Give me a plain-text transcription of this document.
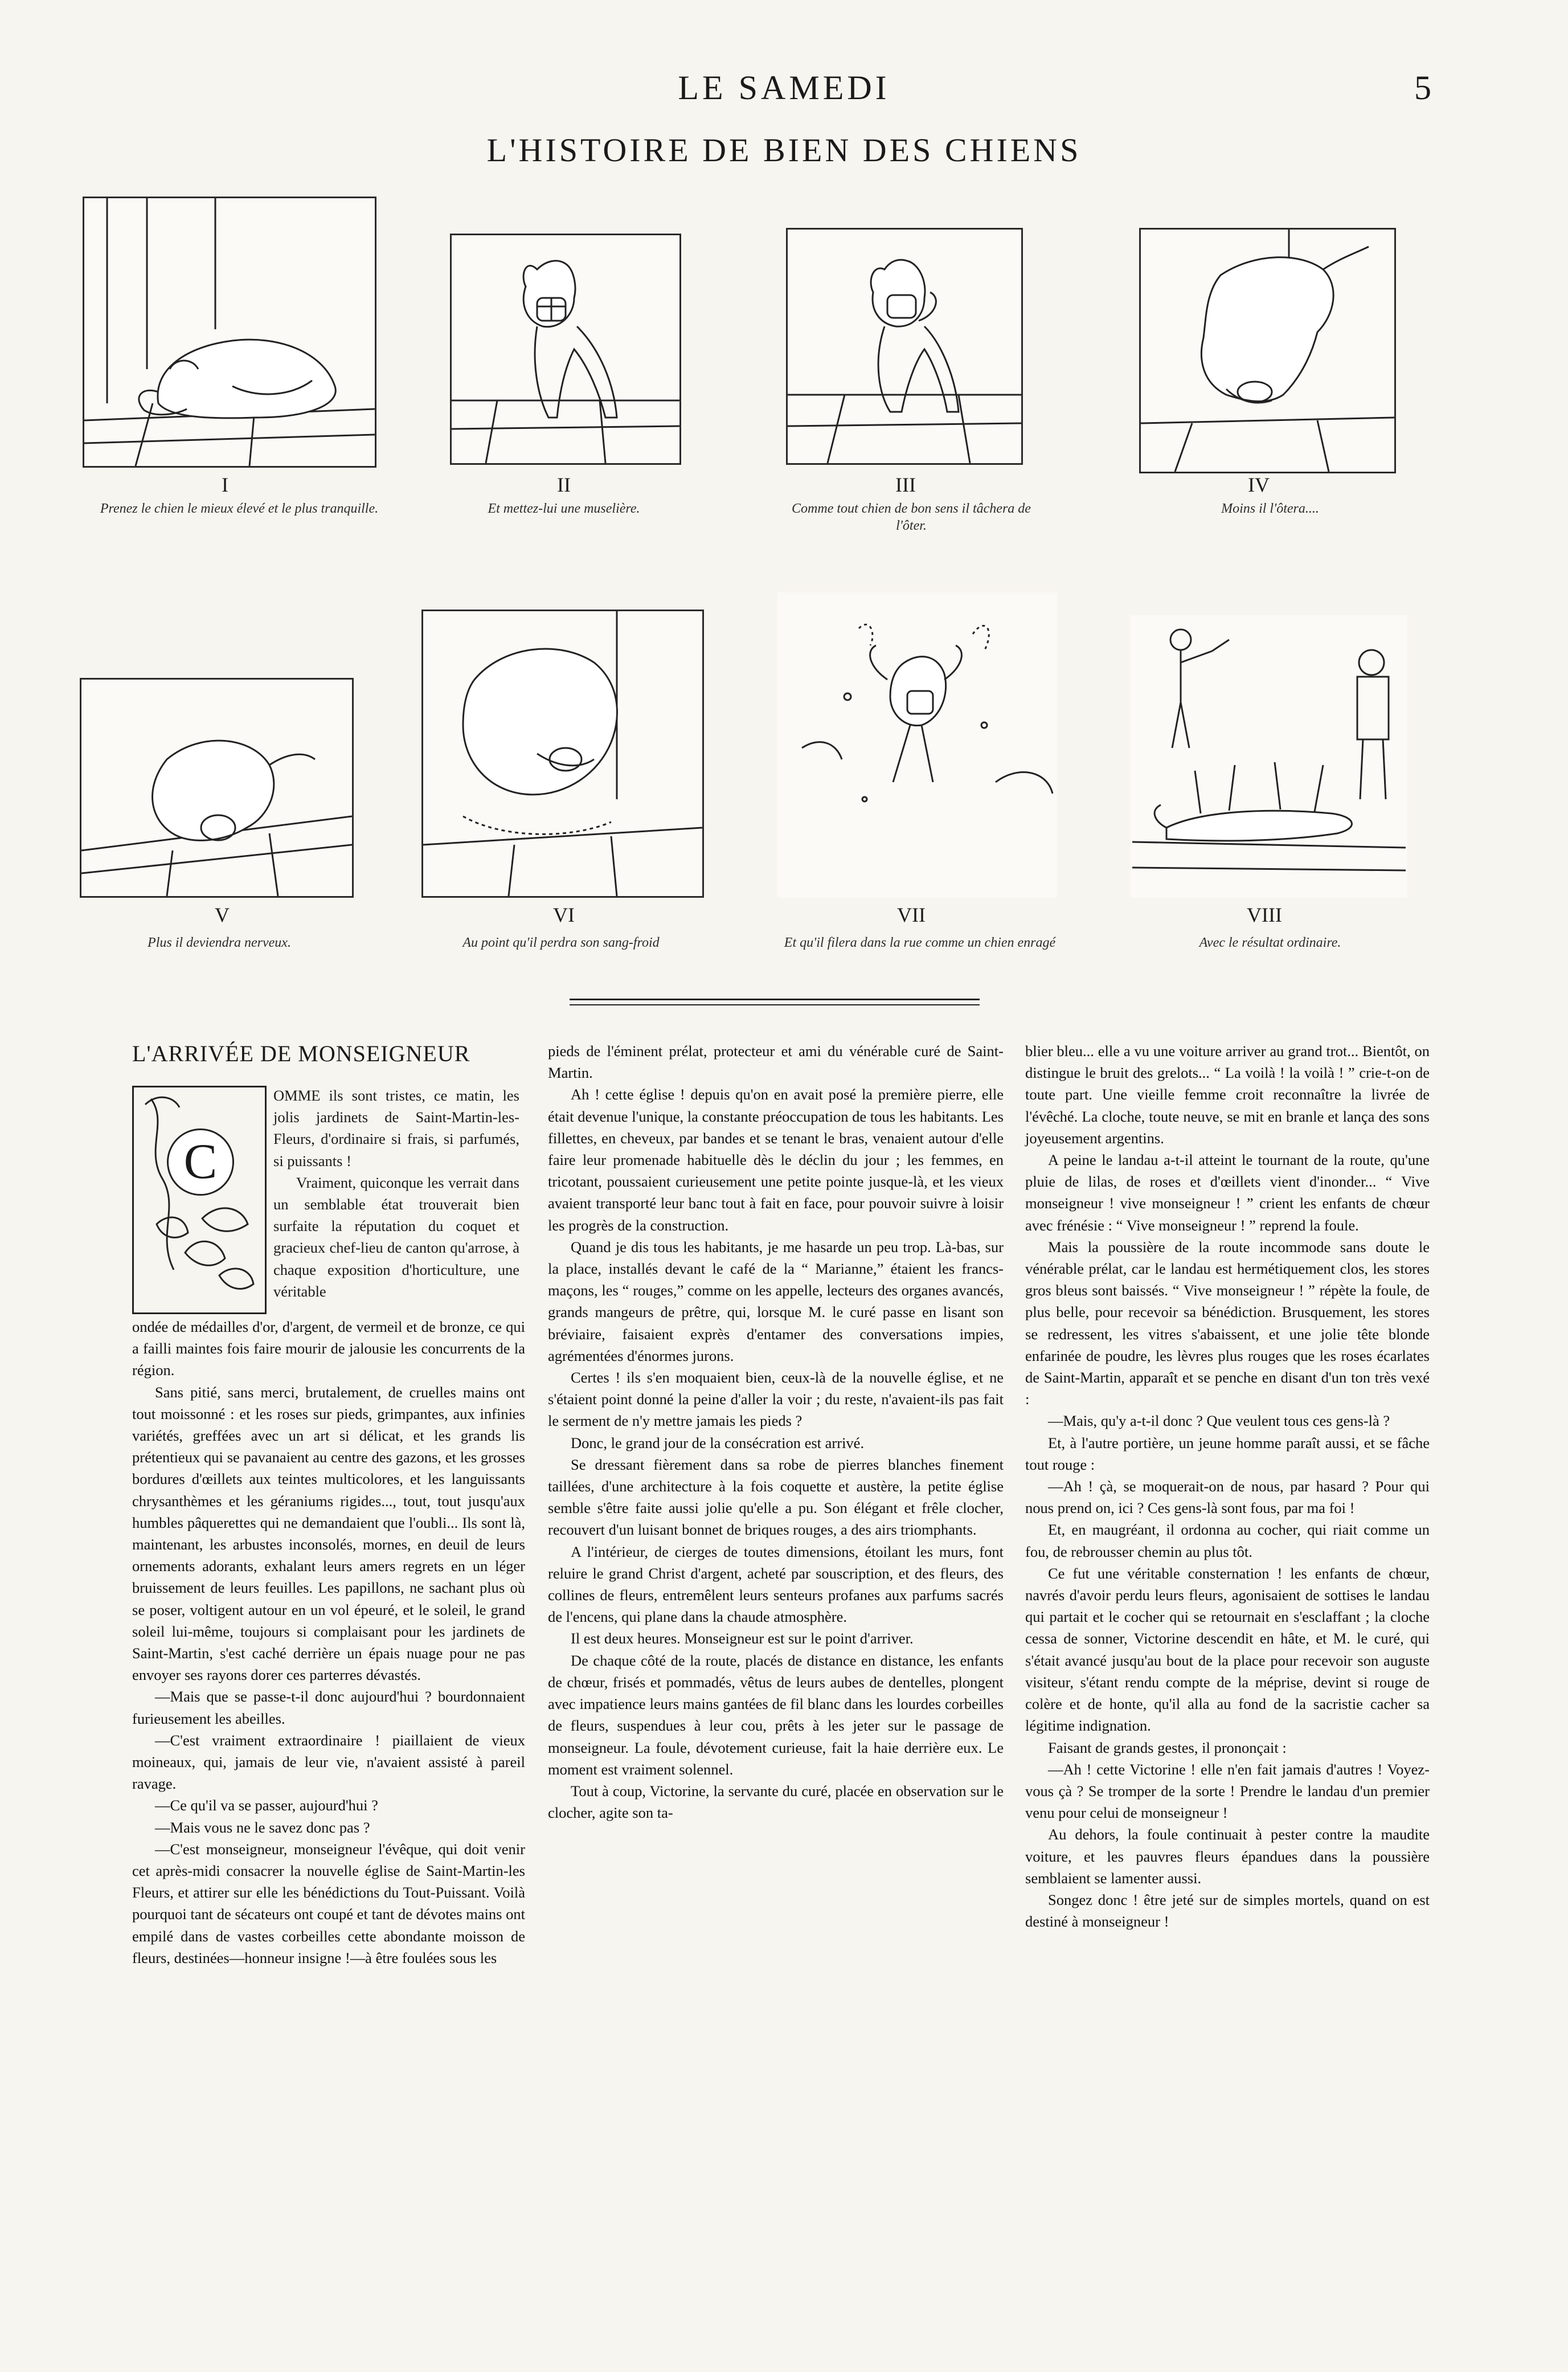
LE SAMEDI	5
L'HISTOIRE DE BIEN DES CHIENS
I
Prenez le chien le mieux élevé et le plus tranquille.
II
Et mettez-lui une muselière.
III
Comme tout chien de bon sens il tâchera de l'ôter.
IV
Moins il l'ôtera....
V
Plus il deviendra nerveux.
VI
Au point qu'il perdra son sang-froid
VII
Et qu'il filera dans la rue comme un chien enragé
VIII
Avec le résultat ordinaire.
L'ARRIVÉE DE MONSEIGNEUR
C

OMME ils sont tristes, ce matin, les jolis jardinets de Saint-Martin-les-Fleurs, d'ordinaire si frais, si parfumés, si puissants !

Vraiment, quiconque les verrait dans un semblable état trouverait bien surfaite la réputation du coquet et gracieux chef-lieu de canton qu'arrose, à chaque exposition d'horticulture, une véritable

ondée de médailles d'or, d'argent, de vermeil et de bronze, ce qui a failli maintes fois faire mourir de jalousie les concurrents de la région.

Sans pitié, sans merci, brutalement, de cruelles mains ont tout moissonné : et les roses sur pieds, grimpantes, aux infinies variétés, greffées avec un art si délicat, et les grands lis prétentieux qui se pavanaient au centre des gazons, et les grosses bordures d'œillets aux teintes multicolores, et les languissants chrysanthèmes et les géraniums rigides..., tout, tout jusqu'aux humbles pâquerettes qui ne demandaient que l'oubli... Ils sont là, maintenant, les arbustes inconsolés, mornes, en deuil de leurs ornements adorants, exhalant leurs amers regrets en un léger bruissement de leurs feuilles. Les papillons, ne sachant plus où se poser, voltigent autour en un vol épeuré, et le soleil, le grand soleil lui-même, toujours si complaisant pour les jardinets de Saint-Martin, s'est caché derrière un épais nuage pour ne pas envoyer ses rayons dorer ces parterres dévastés.

—Mais que se passe-t-il donc aujourd'hui ? bourdonnaient furieusement les abeilles.

—C'est vraiment extraordinaire ! piaillaient de vieux moineaux, qui, jamais de leur vie, n'avaient assisté à pareil ravage.

—Ce qu'il va se passer, aujourd'hui ?

—Mais vous ne le savez donc pas ?

—C'est monseigneur, monseigneur l'évêque, qui doit venir cet après-midi consacrer la nouvelle église de Saint-Martin-les Fleurs, et attirer sur elle les bénédictions du Tout-Puissant. Voilà pourquoi tant de sécateurs ont coupé et tant de dévotes mains ont empilé dans de vastes corbeilles cette abondante moisson de fleurs, destinées—honneur insigne !—à être foulées sous les

pieds de l'éminent prélat, protecteur et ami du vénérable curé de Saint-Martin.

Ah ! cette église ! depuis qu'on en avait posé la première pierre, elle était devenue l'unique, la constante préoccupation de tous les habitants. Les fillettes, en cheveux, par bandes et se tenant le bras, venaient autour d'elle faire leur promenade habituelle dès le déclin du jour ; les femmes, en tricotant, poussaient curieusement une petite pointe jusque-là, et les vieux avaient transporté leur banc tout à fait en face, pour pouvoir suivre à loisir les progrès de la construction.

Quand je dis tous les habitants, je me hasarde un peu trop. Là-bas, sur la place, installés devant le café de la “ Marianne,” étaient les francs-maçons, les “ rouges,” comme on les appelle, lecteurs des organes avancés, grands mangeurs de prêtre, qui, lorsque M. le curé passe en lisant son bréviaire, faisaient exprès d'entamer des conversations impies, agrémentées d'énormes jurons.

Certes ! ils s'en moquaient bien, ceux-là de la nouvelle église, et ne s'étaient point donné la peine d'aller la voir ; du reste, n'avaient-ils pas fait le serment de n'y mettre jamais les pieds ?

Donc, le grand jour de la consécration est arrivé.

Se dressant fièrement dans sa robe de pierres blanches finement taillées, d'une architecture à la fois coquette et austère, la petite église semble s'être faite aussi jolie qu'elle a pu. Son élégant et frêle clocher, recouvert d'un luisant bonnet de briques rouges, a des airs triomphants.

A l'intérieur, de cierges de toutes dimensions, étoilant les murs, font reluire le grand Christ d'argent, acheté par souscription, et des fleurs, des collines de fleurs, entremêlent leurs senteurs profanes aux parfums sacrés de l'encens, qui plane dans la chaude atmosphère.

Il est deux heures. Monseigneur est sur le point d'arriver.

De chaque côté de la route, placés de distance en distance, les enfants de chœur, frisés et pommadés, vêtus de leurs aubes de dentelles, plongent avec impatience leurs mains gantées de fil blanc dans les lourdes corbeilles de fleurs, suspendues à leur cou, prêts à les jeter sur le passage de monseigneur. La foule, dévotement curieuse, fait la haie derrière eux. Le moment est vraiment solennel.

Tout à coup, Victorine, la servante du curé, placée en observation sur le clocher, agite son ta-

blier bleu... elle a vu une voiture arriver au grand trot... Bientôt, on distingue le bruit des grelots... “ La voilà ! la voilà ! ” crie-t-on de toute part. Une vieille femme croit reconnaître la livrée de l'évêché. La cloche, toute neuve, se mit en branle et lança des sons joyeusement argentins.

A peine le landau a-t-il atteint le tournant de la route, qu'une pluie de lilas, de roses et d'œillets vient d'inonder... “ Vive monseigneur ! vive monseigneur ! ” crient les enfants de chœur avec frénésie : “ Vive monseigneur ! ” reprend la foule.

Mais la poussière de la route incommode sans doute le vénérable prélat, car le landau est hermétiquement clos, les stores gros bleus sont baissés. “ Vive monseigneur ! ” répète la foule, de plus belle, pour recevoir sa bénédiction. Brusquement, les stores se redressent, les vitres s'abaissent, et une jolie tête blonde enfarinée de poudre, les lèvres plus rouges que les roses écarlates de Saint-Martin, apparaît et se penche en disant d'un ton très vexé :

—Mais, qu'y a-t-il donc ? Que veulent tous ces gens-là ?

Et, à l'autre portière, un jeune homme paraît aussi, et se fâche tout rouge :

—Ah ! çà, se moquerait-on de nous, par hasard ? Pour qui nous prend on, ici ? Ces gens-là sont fous, par ma foi !

Et, en maugréant, il ordonna au cocher, qui riait comme un fou, de rebrousser chemin au plus tôt.

Ce fut une véritable consternation ! les enfants de chœur, navrés d'avoir perdu leurs fleurs, agonisaient de sottises le landau qui partait et le cocher qui se retournait en s'esclaffant ; la cloche cessa de sonner, Victorine descendit en hâte, et M. le curé, qui s'était avancé jusqu'au bout de la place pour recevoir son auguste visiteur, s'étant rendu compte de la méprise, devint si rouge de colère et de honte, qu'il alla au fond de la sacristie cacher sa légitime indignation.

Faisant de grands gestes, il prononçait :

—Ah ! cette Victorine ! elle n'en fait jamais d'autres ! Voyez-vous çà ? Se tromper de la sorte ! Prendre le landau d'un premier venu pour celui de monseigneur !

Au dehors, la foule continuait à pester contre la maudite voiture, et les pauvres fleurs épandues dans la poussière semblaient se lamenter aussi.

Songez donc ! être jeté sur de simples mortels, quand on est destiné à monseigneur !
